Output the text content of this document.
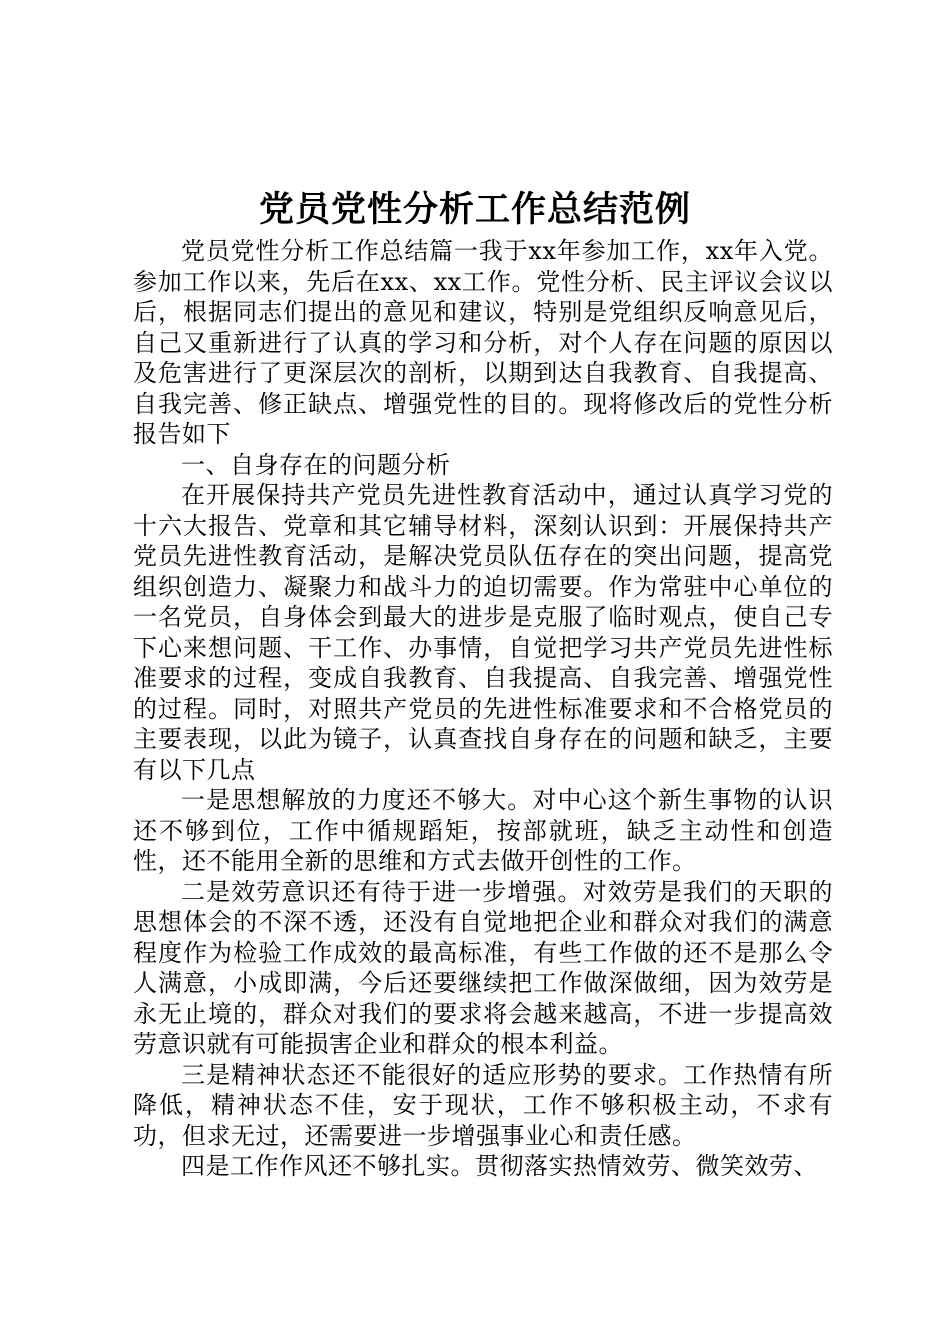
党员党性分析工作总结范例

党员党性分析工作总结篇一我于xx年参加工作，xx年入党。参加工作以来，先后在xx、xx工作。党性分析、民主评议会议以后，根据同志们提出的意见和建议，特别是党组织反响意见后，自己又重新进行了认真的学习和分析，对个人存在问题的原因以及危害进行了更深层次的剖析，以期到达自我教育、自我提高、自我完善、修正缺点、增强党性的目的。现将修改后的党性分析报告如下

一、自身存在的问题分析

在开展保持共产党员先进性教育活动中，通过认真学习党的十六大报告、党章和其它辅导材料，深刻认识到：开展保持共产党员先进性教育活动，是解决党员队伍存在的突出问题，提高党组织创造力、凝聚力和战斗力的迫切需要。作为常驻中心单位的一名党员，自身体会到最大的进步是克服了临时观点，使自己专下心来想问题、干工作、办事情，自觉把学习共产党员先进性标准要求的过程，变成自我教育、自我提高、自我完善、增强党性的过程。同时，对照共产党员的先进性标准要求和不合格党员的主要表现，以此为镜子，认真查找自身存在的问题和缺乏，主要有以下几点

一是思想解放的力度还不够大。对中心这个新生事物的认识还不够到位，工作中循规蹈矩，按部就班，缺乏主动性和创造性，还不能用全新的思维和方式去做开创性的工作。

二是效劳意识还有待于进一步增强。对效劳是我们的天职的思想体会的不深不透，还没有自觉地把企业和群众对我们的满意程度作为检验工作成效的最高标准，有些工作做的还不是那么令人满意，小成即满，今后还要继续把工作做深做细，因为效劳是永无止境的，群众对我们的要求将会越来越高，不进一步提高效劳意识就有可能损害企业和群众的根本利益。

三是精神状态还不能很好的适应形势的要求。工作热情有所降低，精神状态不佳，安于现状，工作不够积极主动，不求有功，但求无过，还需要进一步增强事业心和责任感。

四是工作作风还不够扎实。贯彻落实热情效劳、微笑效劳、
